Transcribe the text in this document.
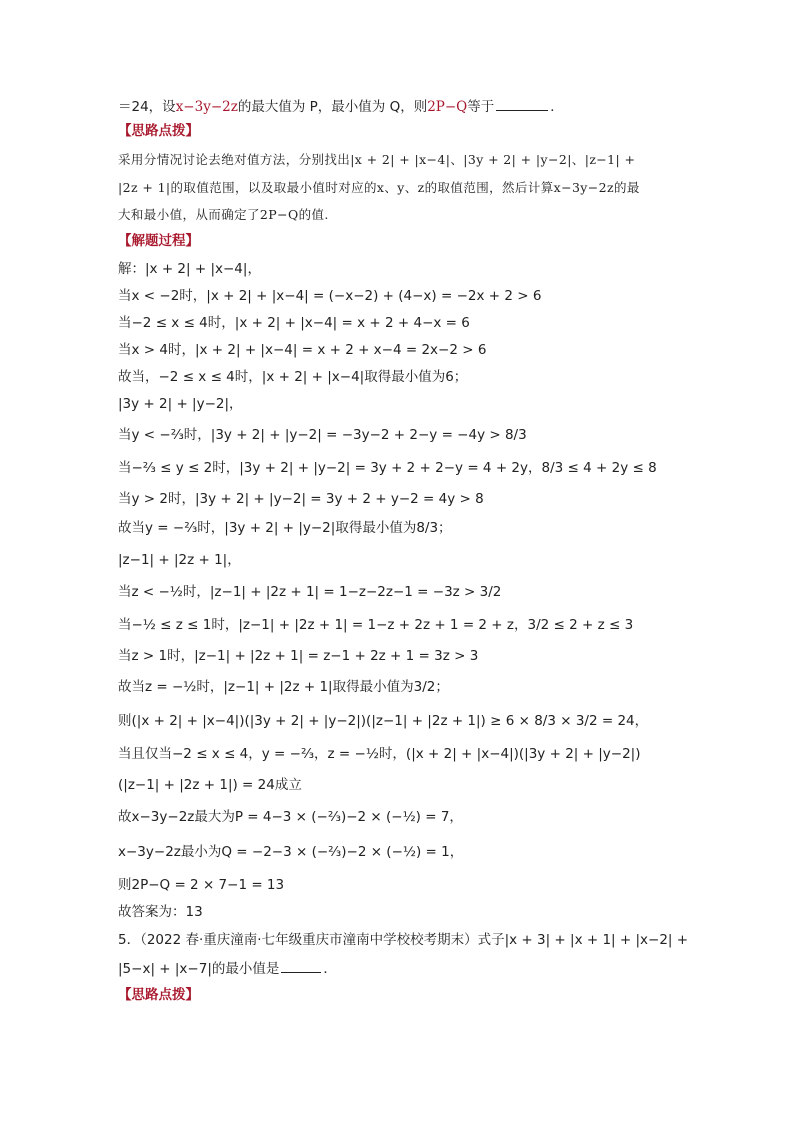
＝24，设x−3y−2z的最大值为 P，最小值为 Q，则2P−Q等于	．
【思路点拨】
采用分情况讨论去绝对值方法，分别找出|x + 2| + |x−4|、|3y + 2| + |y−2|、|z−1| +
|2z + 1|的取值范围，以及取最小值时对应的x、y、z的取值范围，然后计算x−3y−2z的最
大和最小值，从而确定了2P−Q的值.
【解题过程】
解：|x + 2| + |x−4|，
当x < −2时，|x + 2| + |x−4| = (−x−2) + (4−x) = −2x + 2 > 6
当−2 ≤ x ≤ 4时，|x + 2| + |x−4| = x + 2 + 4−x = 6
当x > 4时，|x + 2| + |x−4| = x + 2 + x−4 = 2x−2 > 6
故当，−2 ≤ x ≤ 4时，|x + 2| + |x−4|取得最小值为6；
|3y + 2| + |y−2|，
当y < −⅔时，|3y + 2| + |y−2| = −3y−2 + 2−y = −4y > 8/3
当−⅔ ≤ y ≤ 2时，|3y + 2| + |y−2| = 3y + 2 + 2−y = 4 + 2y，8/3 ≤ 4 + 2y ≤ 8
当y > 2时，|3y + 2| + |y−2| = 3y + 2 + y−2 = 4y > 8
故当y = −⅔时，|3y + 2| + |y−2|取得最小值为8/3；
|z−1| + |2z + 1|，
当z < −½时，|z−1| + |2z + 1| = 1−z−2z−1 = −3z > 3/2
当−½ ≤ z ≤ 1时，|z−1| + |2z + 1| = 1−z + 2z + 1 = 2 + z，3/2 ≤ 2 + z ≤ 3
当z > 1时，|z−1| + |2z + 1| = z−1 + 2z + 1 = 3z > 3
故当z = −½时，|z−1| + |2z + 1|取得最小值为3/2；
则(|x + 2| + |x−4|)(|3y + 2| + |y−2|)(|z−1| + |2z + 1|) ≥ 6 × 8/3 × 3/2 = 24，
当且仅当−2 ≤ x ≤ 4，y = −⅔，z = −½时，(|x + 2| + |x−4|)(|3y + 2| + |y−2|)
(|z−1| + |2z + 1|) = 24成立
故x−3y−2z最大为P = 4−3 × (−⅔)−2 × (−½) = 7，
x−3y−2z最小为Q = −2−3 × (−⅔)−2 × (−½) = 1，
则2P−Q = 2 × 7−1 = 13
故答案为：13
5．（2022 春·重庆潼南·七年级重庆市潼南中学校校考期末）式子|x + 3| + |x + 1| + |x−2| +
|5−x| + |x−7|的最小值是	．
【思路点拨】
